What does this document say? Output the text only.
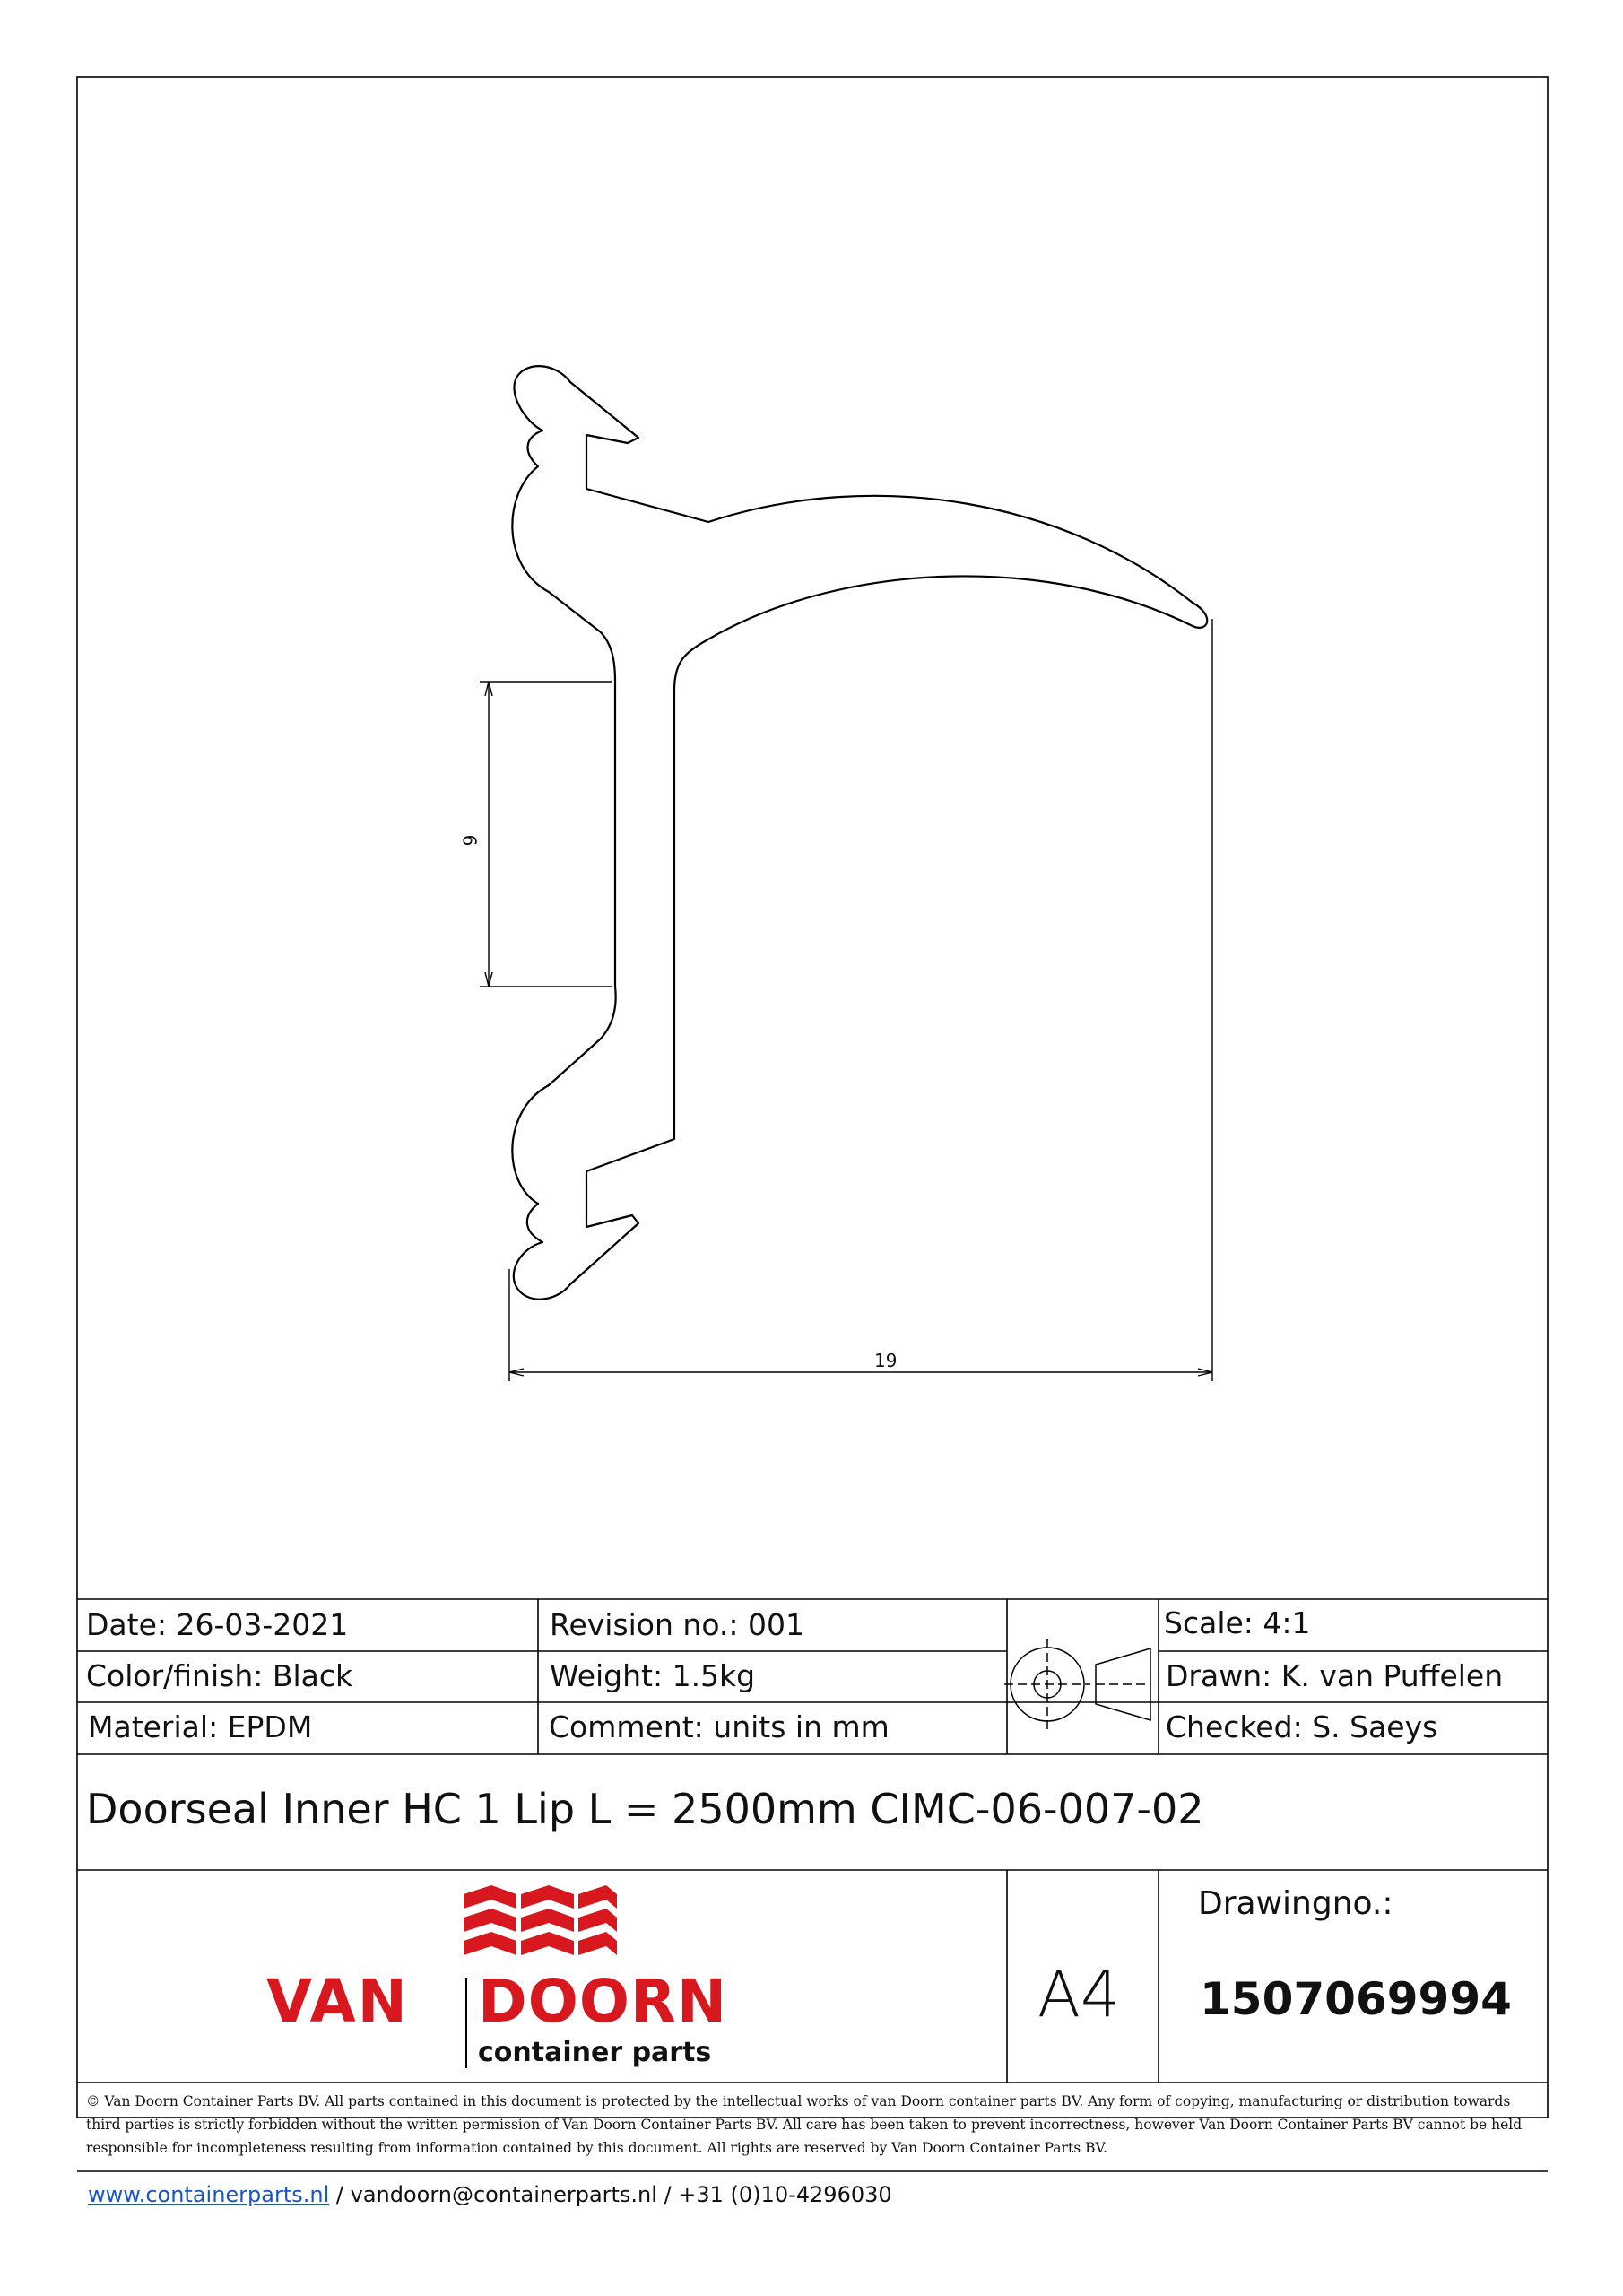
9
19
Date: 26-03-2021	Revision no.: 001	Scale: 4:1
Color/finish: Black	Weight: 1.5kg	Drawn: K. van Puffelen
Material: EPDM	Comment: units in mm	Checked: S. Saeys
Doorseal Inner HC 1 Lip L = 2500mm CIMC-06-007-02
VAN DOORN
container parts
A4
Drawingno.:
1507069994
© Van Doorn Container Parts BV. All parts contained in this document is protected by the intellectual works of van Doorn container parts BV. Any form of copying, manufacturing or distribution towards third parties is strictly forbidden without the written permission of Van Doorn Container Parts BV. All care has been taken to prevent incorrectness, however Van Doorn Container Parts BV cannot be held responsible for incompleteness resulting from information contained by this document. All rights are reserved by Van Doorn Container Parts BV.
www.containerparts.nl / vandoorn@containerparts.nl / +31 (0)10-4296030
